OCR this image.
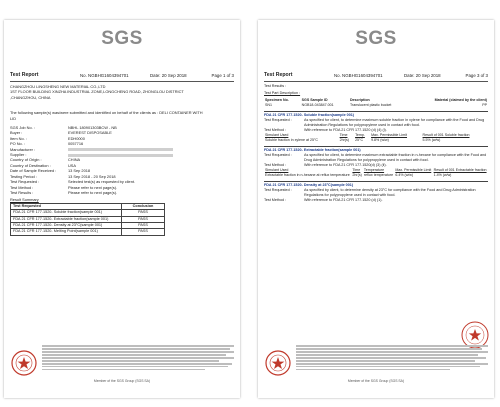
SGS
Test Report	No. NGBHG1604394701	Date: 20 Sep 2018	Page 1 of 3
CHANGZHOU LINGSHENG NEW MATERIAL CO.,LTD
1ST FLOOR BUILDING XINZHA INDUSTRIAL ZONE,LONGCHENG ROAD, ZHONGLOU DISTRICT
,CHANGZHOU, CHINA
The following sample(s) was/were submitted and identified on behalf of the clients as : DELI CONTAINER WITH
LID
SGS Job No. :	NBHL 180901303BCW - NB
Buyer :	EVEREST DISPOSABLE
Item No. :	EDH0000
PO No. :	0057716
Manufacturer :
Supplier :
Country of Origin :	CHINA
Country of Destination :	USA
Date of Sample Received :	13 Sep 2018
Testing Period :	13 Sep 2018 - 20 Sep 2018
Test Requested :	Selected test(s) as requested by client.
Test Method :	Please refer to next page(s).
Test Results :	Please refer to next page(s).
Result Summary
Test Requested	Conclusion
FDA 21 CFR 177.1520- Soluble fraction(sample 001)	PASS
FDA 21 CFR 177.1520- Extractable fraction(sample 001)	PASS
FDA 21 CFR 177.1520- Density at 23°C(sample 001)	PASS
FDA 21 CFR 177.1520- Melting Point(sample 001)	PASS
Member of the SGS Group (SGS SA)
SGS
Test Report	No. NGBHG1604394701	Date: 20 Sep 2018	Page 3 of 3
Test Results :
Test Part Description :
Specimen No.	SGS Sample ID	Description	Material (claimed by the client)
SN1	NGB18-043847.001	Translucent plastic bucket	PP
FDA 21 CFR 177.1520- Soluble fraction(sample 001)
Test Requested :	As specified for client, to determine maximum soluble fraction in xylene for compliance with the Food and Drug Administration Regulations for polypropylene used in contact with food.
Test Method :	With reference to FDA 21 CFR 177.1520 (d) (4) (i).
Simulant Used	Time	Temp.	Max. Permissible Limit	Result of 001 Soluble fraction
Soluble fraction in xylene at 25°C	2hr(s)	25°C	9.8% (w/w)	5.5% (w/w)
FDA 21 CFR 177.1520- Extractable fraction(sample 001)
Test Requested :	As specified for client, to determine maximum extractable fraction in n-hexane for compliance with the Food and Drug Administration Regulations for polypropylene used in contact with food.
Test Method :	With reference to FDA 21 CFR 177.1520(d) (3) (ii).
Simulant Used	Time	Temperature	Max. Permissible Limit	Result of 001 Extractable fraction
Extractable fraction in n-hexane at reflux temperature	2hr(s)	reflux temperature	6.4% (w/w)	1.4% (w/w)
FDA 21 CFR 177.1520- Density at 23°C(sample 001)
Test Requested :	As specified by client, to determine density at 23°C for compliance with the Food and Drug Administration Regulations for polypropylene used in contact with food.
Test Method :	With reference to FDA 21 CFR 177.1520 (d) (1).
Member of the SGS Group (SGS SA)
